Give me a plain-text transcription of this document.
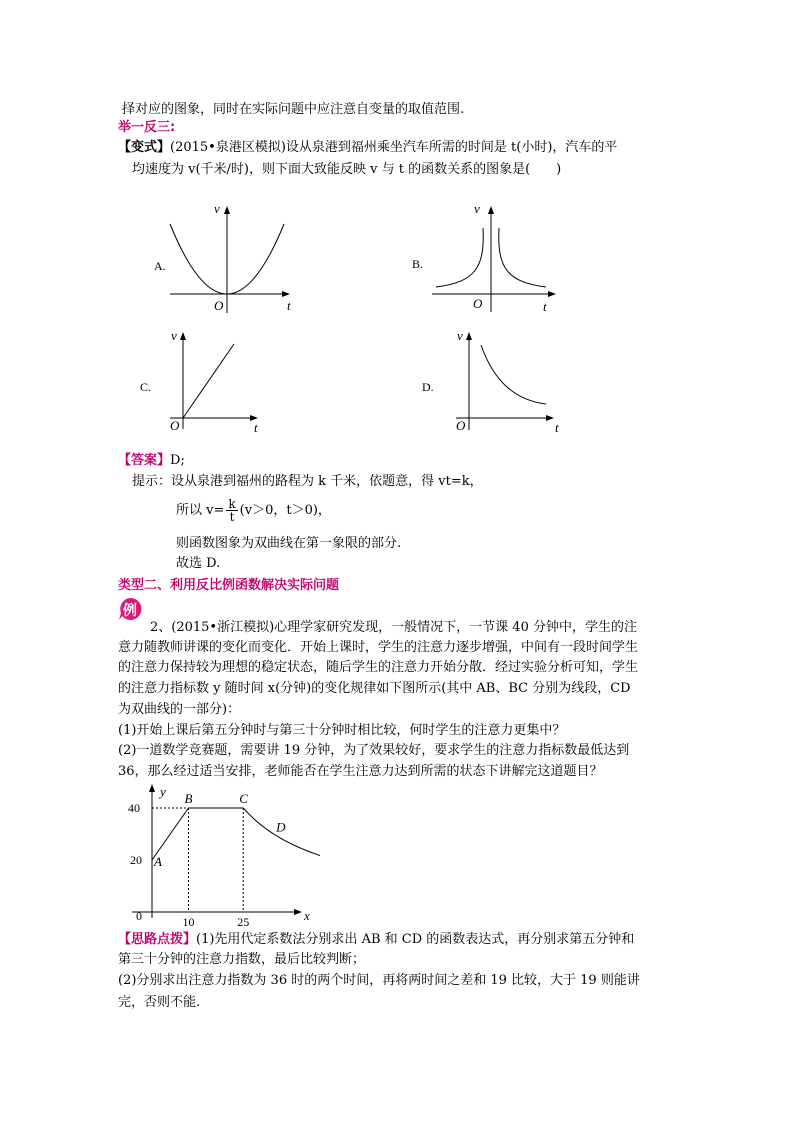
择对应的图象，同时在实际问题中应注意自变量的取值范围.
举一反三:
【变式】(2015•泉港区模拟)设从泉港到福州乘坐汽车所需的时间是 t(小时)，汽车的平
均速度为 v(千米/时)，则下面大致能反映 v 与 t 的函数关系的图象是(　　)
A.
v
t
O
B.
v
t
O
C.
v
t
O
D.
v
t
O
【答案】D;
提示：设从泉港到福州的路程为 k 千米，依题意，得 vt=k，
所以 $v= \frac{k}{t} (v>0$，t＞0)，
则函数图象为双曲线在第一象限的部分.
故选 D.
类型二、利用反比例函数解决实际问题
例
2、(2015•浙江模拟)心理学家研究发现，一般情况下，一节课 40 分钟中，学生的注
意力随教师讲课的变化而变化．开始上课时，学生的注意力逐步增强，中间有一段时间学生
的注意力保持较为理想的稳定状态，随后学生的注意力开始分散．经过实验分析可知，学生
的注意力指标数 y 随时间 x(分钟)的变化规律如下图所示(其中 AB、BC 分别为线段，CD
为双曲线的一部分)：
(1)开始上课后第五分钟时与第三十分钟时相比较，何时学生的注意力更集中？
(2)一道数学竞赛题，需要讲 19 分钟，为了效果较好，要求学生的注意力指标数最低达到
36，那么经过适当安排，老师能否在学生注意力达到所需的状态下讲解完这道题目？
y
x
40
20
0	10	25
A
B	C
D
【思路点拨】(1)先用代定系数法分别求出 AB 和 CD 的函数表达式，再分别求第五分钟和
第三十分钟的注意力指数，最后比较判断；
(2)分别求出注意力指数为 36 时的两个时间，再将两时间之差和 19 比较，大于 19 则能讲
完，否则不能.
